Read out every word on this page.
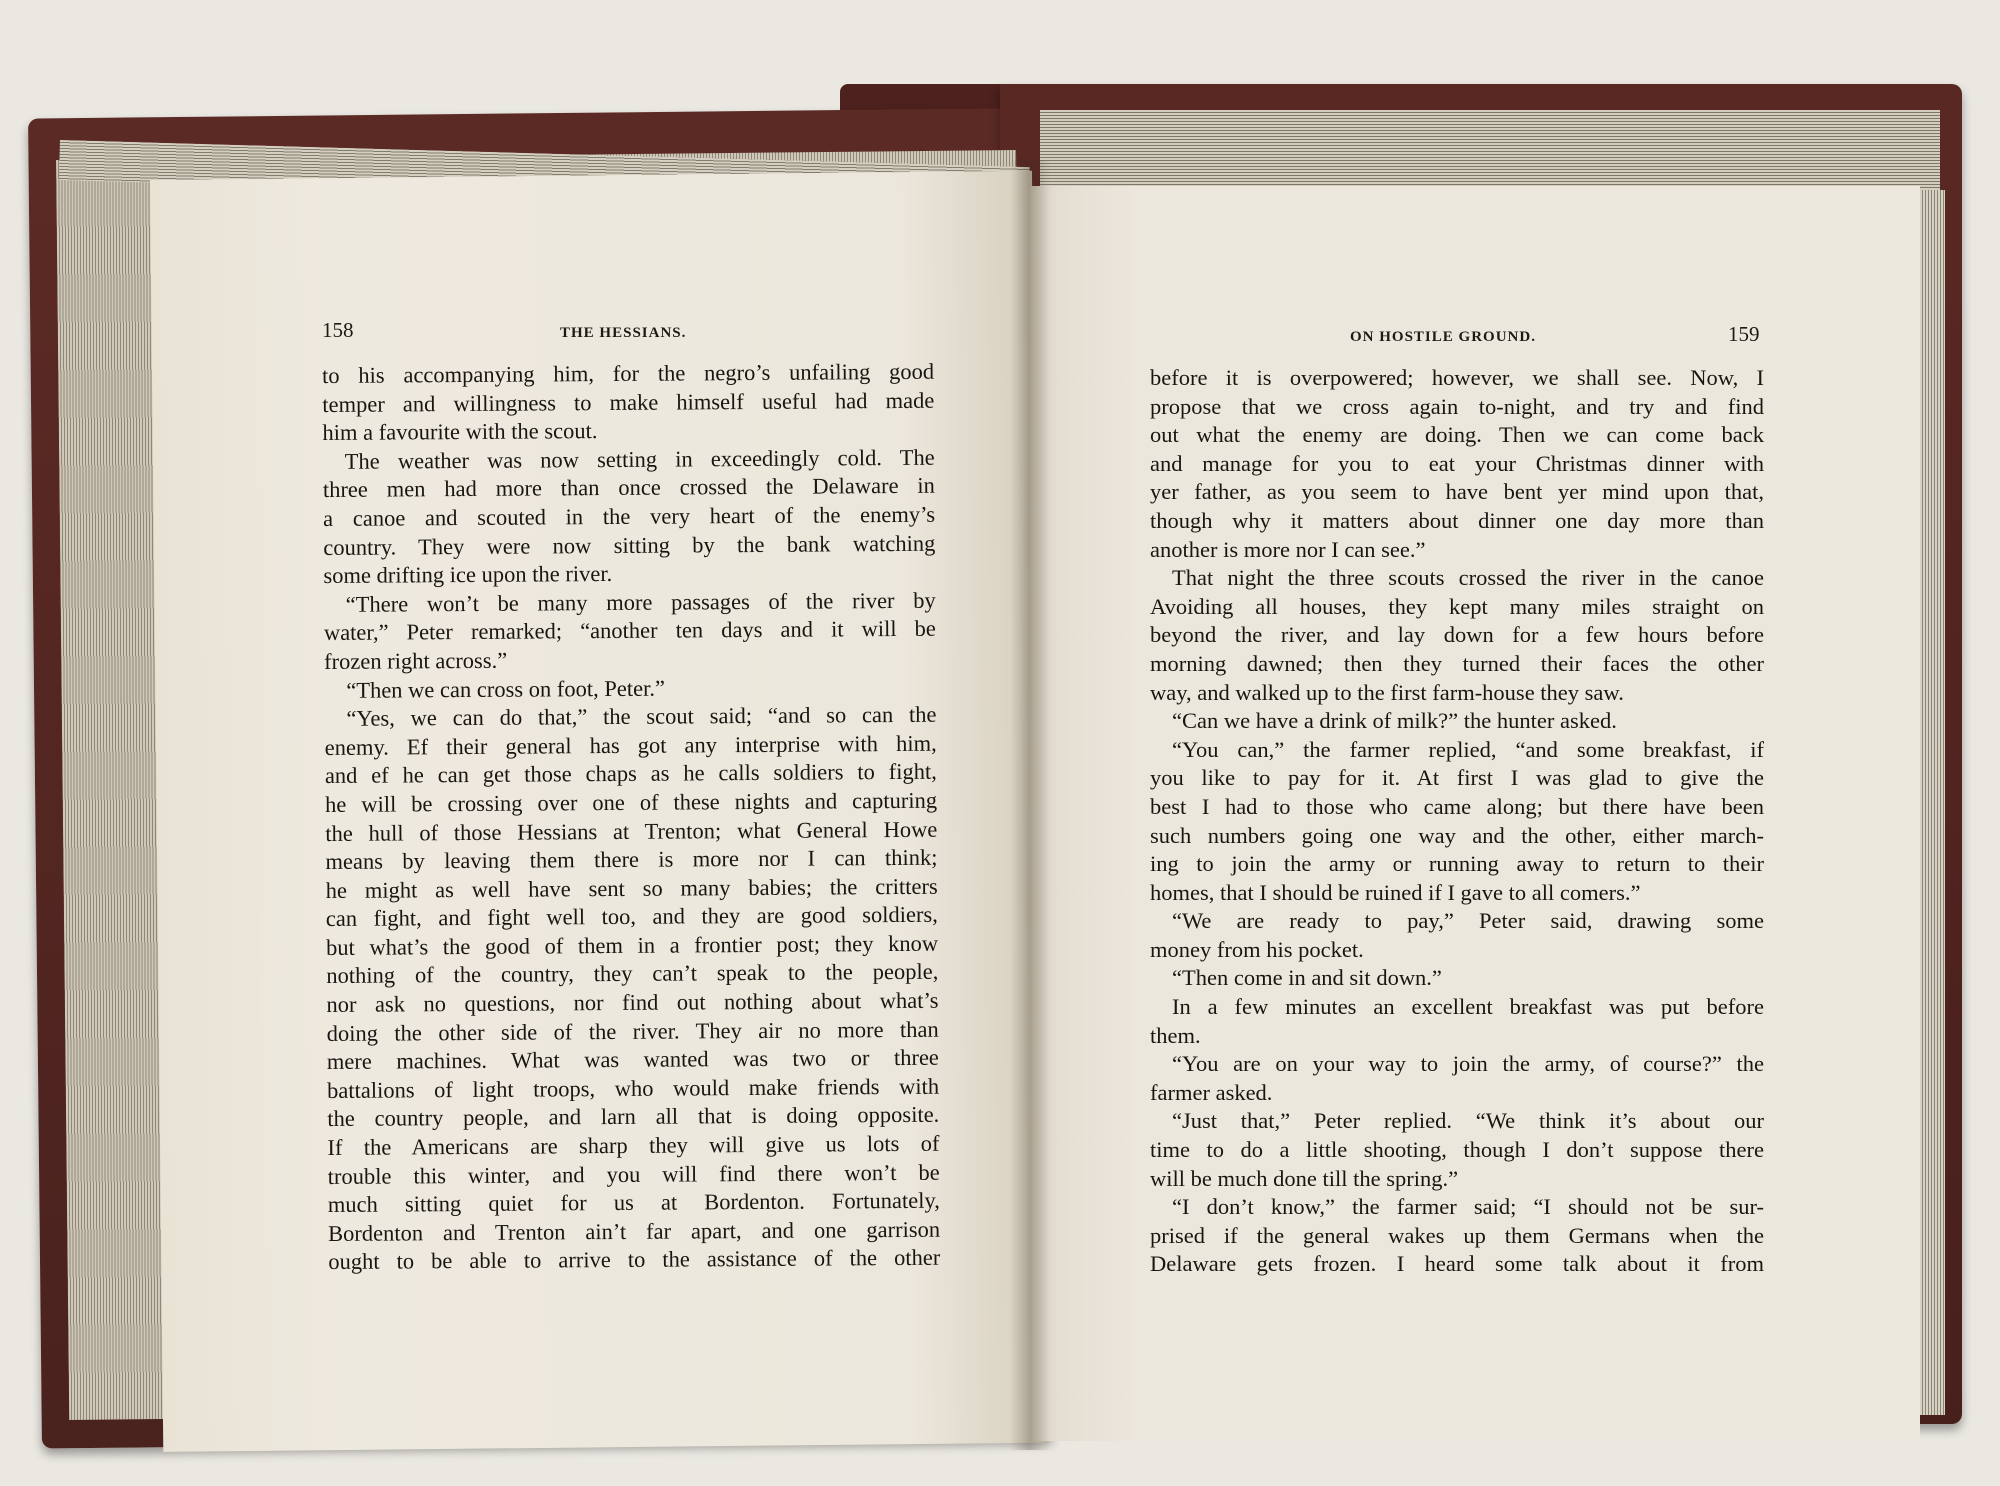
158	THE HESSIANS.	ON HOSTILE GROUND.	159
to his accompanying him, for the negro’s unfailing good
temper and willingness to make himself useful had made
him a favourite with the scout.
The weather was now setting in exceedingly cold. The
three men had more than once crossed the Delaware in
a canoe and scouted in the very heart of the enemy’s
country. They were now sitting by the bank watching
some drifting ice upon the river.
“There won’t be many more passages of the river by
water,” Peter remarked; “another ten days and it will be
frozen right across.”
“Then we can cross on foot, Peter.”
“Yes, we can do that,” the scout said; “and so can the
enemy. Ef their general has got any interprise with him,
and ef he can get those chaps as he calls soldiers to fight,
he will be crossing over one of these nights and capturing
the hull of those Hessians at Trenton; what General Howe
means by leaving them there is more nor I can think;
he might as well have sent so many babies; the critters
can fight, and fight well too, and they are good soldiers,
but what’s the good of them in a frontier post; they know
nothing of the country, they can’t speak to the people,
nor ask no questions, nor find out nothing about what’s
doing the other side of the river. They air no more than
mere machines. What was wanted was two or three
battalions of light troops, who would make friends with
the country people, and larn all that is doing opposite.
If the Americans are sharp they will give us lots of
trouble this winter, and you will find there won’t be
much sitting quiet for us at Bordenton. Fortunately,
Bordenton and Trenton ain’t far apart, and one garrison
ought to be able to arrive to the assistance of the other
before it is overpowered; however, we shall see. Now, I
propose that we cross again to-night, and try and find
out what the enemy are doing. Then we can come back
and manage for you to eat your Christmas dinner with
yer father, as you seem to have bent yer mind upon that,
though why it matters about dinner one day more than
another is more nor I can see.”
That night the three scouts crossed the river in the canoe
Avoiding all houses, they kept many miles straight on
beyond the river, and lay down for a few hours before
morning dawned; then they turned their faces the other
way, and walked up to the first farm-house they saw.
“Can we have a drink of milk?” the hunter asked.
“You can,” the farmer replied, “and some breakfast, if
you like to pay for it. At first I was glad to give the
best I had to those who came along; but there have been
such numbers going one way and the other, either march-
ing to join the army or running away to return to their
homes, that I should be ruined if I gave to all comers.”
“We are ready to pay,” Peter said, drawing some
money from his pocket.
“Then come in and sit down.”
In a few minutes an excellent breakfast was put before
them.
“You are on your way to join the army, of course?” the
farmer asked.
“Just that,” Peter replied. “We think it’s about our
time to do a little shooting, though I don’t suppose there
will be much done till the spring.”
“I don’t know,” the farmer said; “I should not be sur-
prised if the general wakes up them Germans when the
Delaware gets frozen. I heard some talk about it from
